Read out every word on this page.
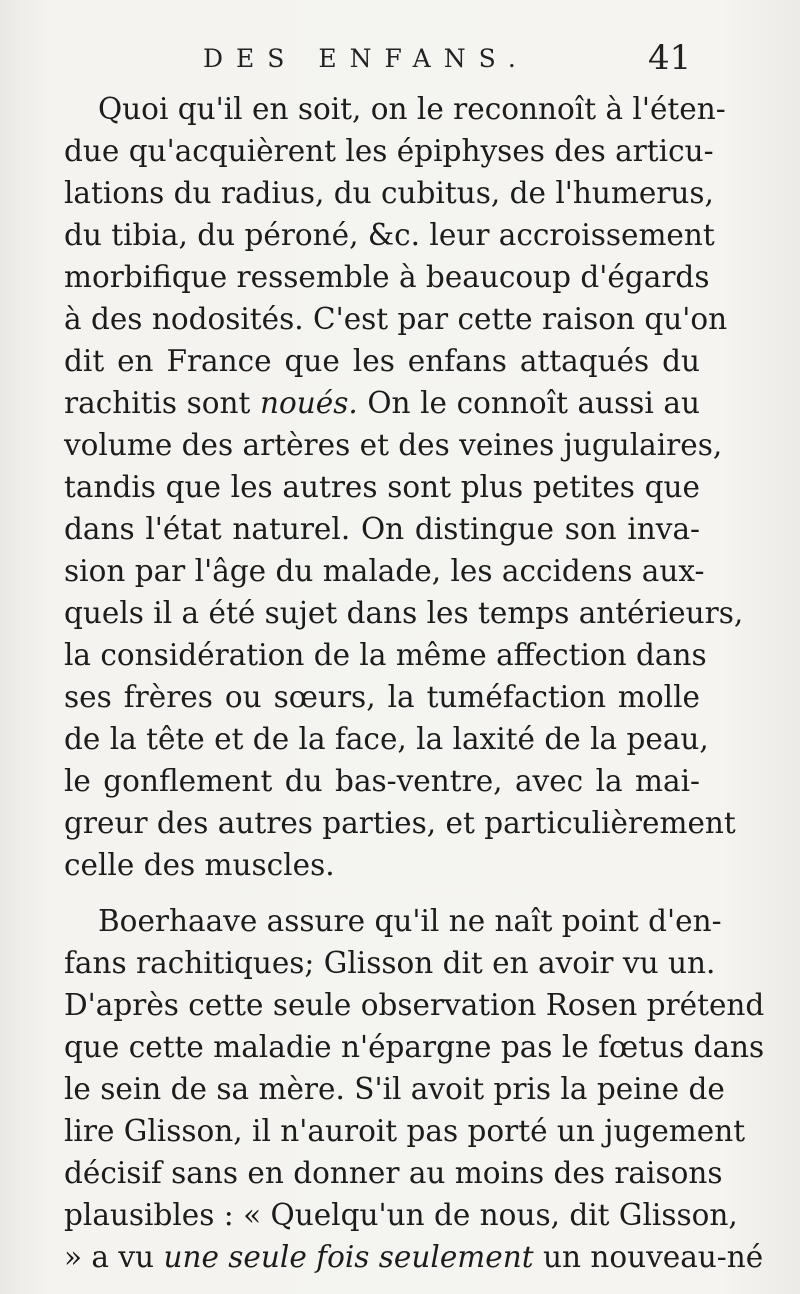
DES ENFANS.	41
Quoi qu'il en soit, on le reconnoît à l'éten-
due qu'acquièrent les épiphyses des articu-
lations du radius, du cubitus, de l'humerus,
du tibia, du péroné, &c. leur accroissement
morbifique ressemble à beaucoup d'égards
à des nodosités. C'est par cette raison qu'on
dit en France que les enfans attaqués du
rachitis sont noués. On le connoît aussi au
volume des artères et des veines jugulaires,
tandis que les autres sont plus petites que
dans l'état naturel. On distingue son inva-
sion par l'âge du malade, les accidens aux-
quels il a été sujet dans les temps antérieurs,
la considération de la même affection dans
ses frères ou sœurs, la tuméfaction molle
de la tête et de la face, la laxité de la peau,
le gonflement du bas-ventre, avec la mai-
greur des autres parties, et particulièrement
celle des muscles.
Boerhaave assure qu'il ne naît point d'en-
fans rachitiques; Glisson dit en avoir vu un.
D'après cette seule observation Rosen prétend
que cette maladie n'épargne pas le fœtus dans
le sein de sa mère. S'il avoit pris la peine de
lire Glisson, il n'auroit pas porté un jugement
décisif sans en donner au moins des raisons
plausibles : « Quelqu'un de nous, dit Glisson,
» a vu une seule fois seulement un nouveau-né
